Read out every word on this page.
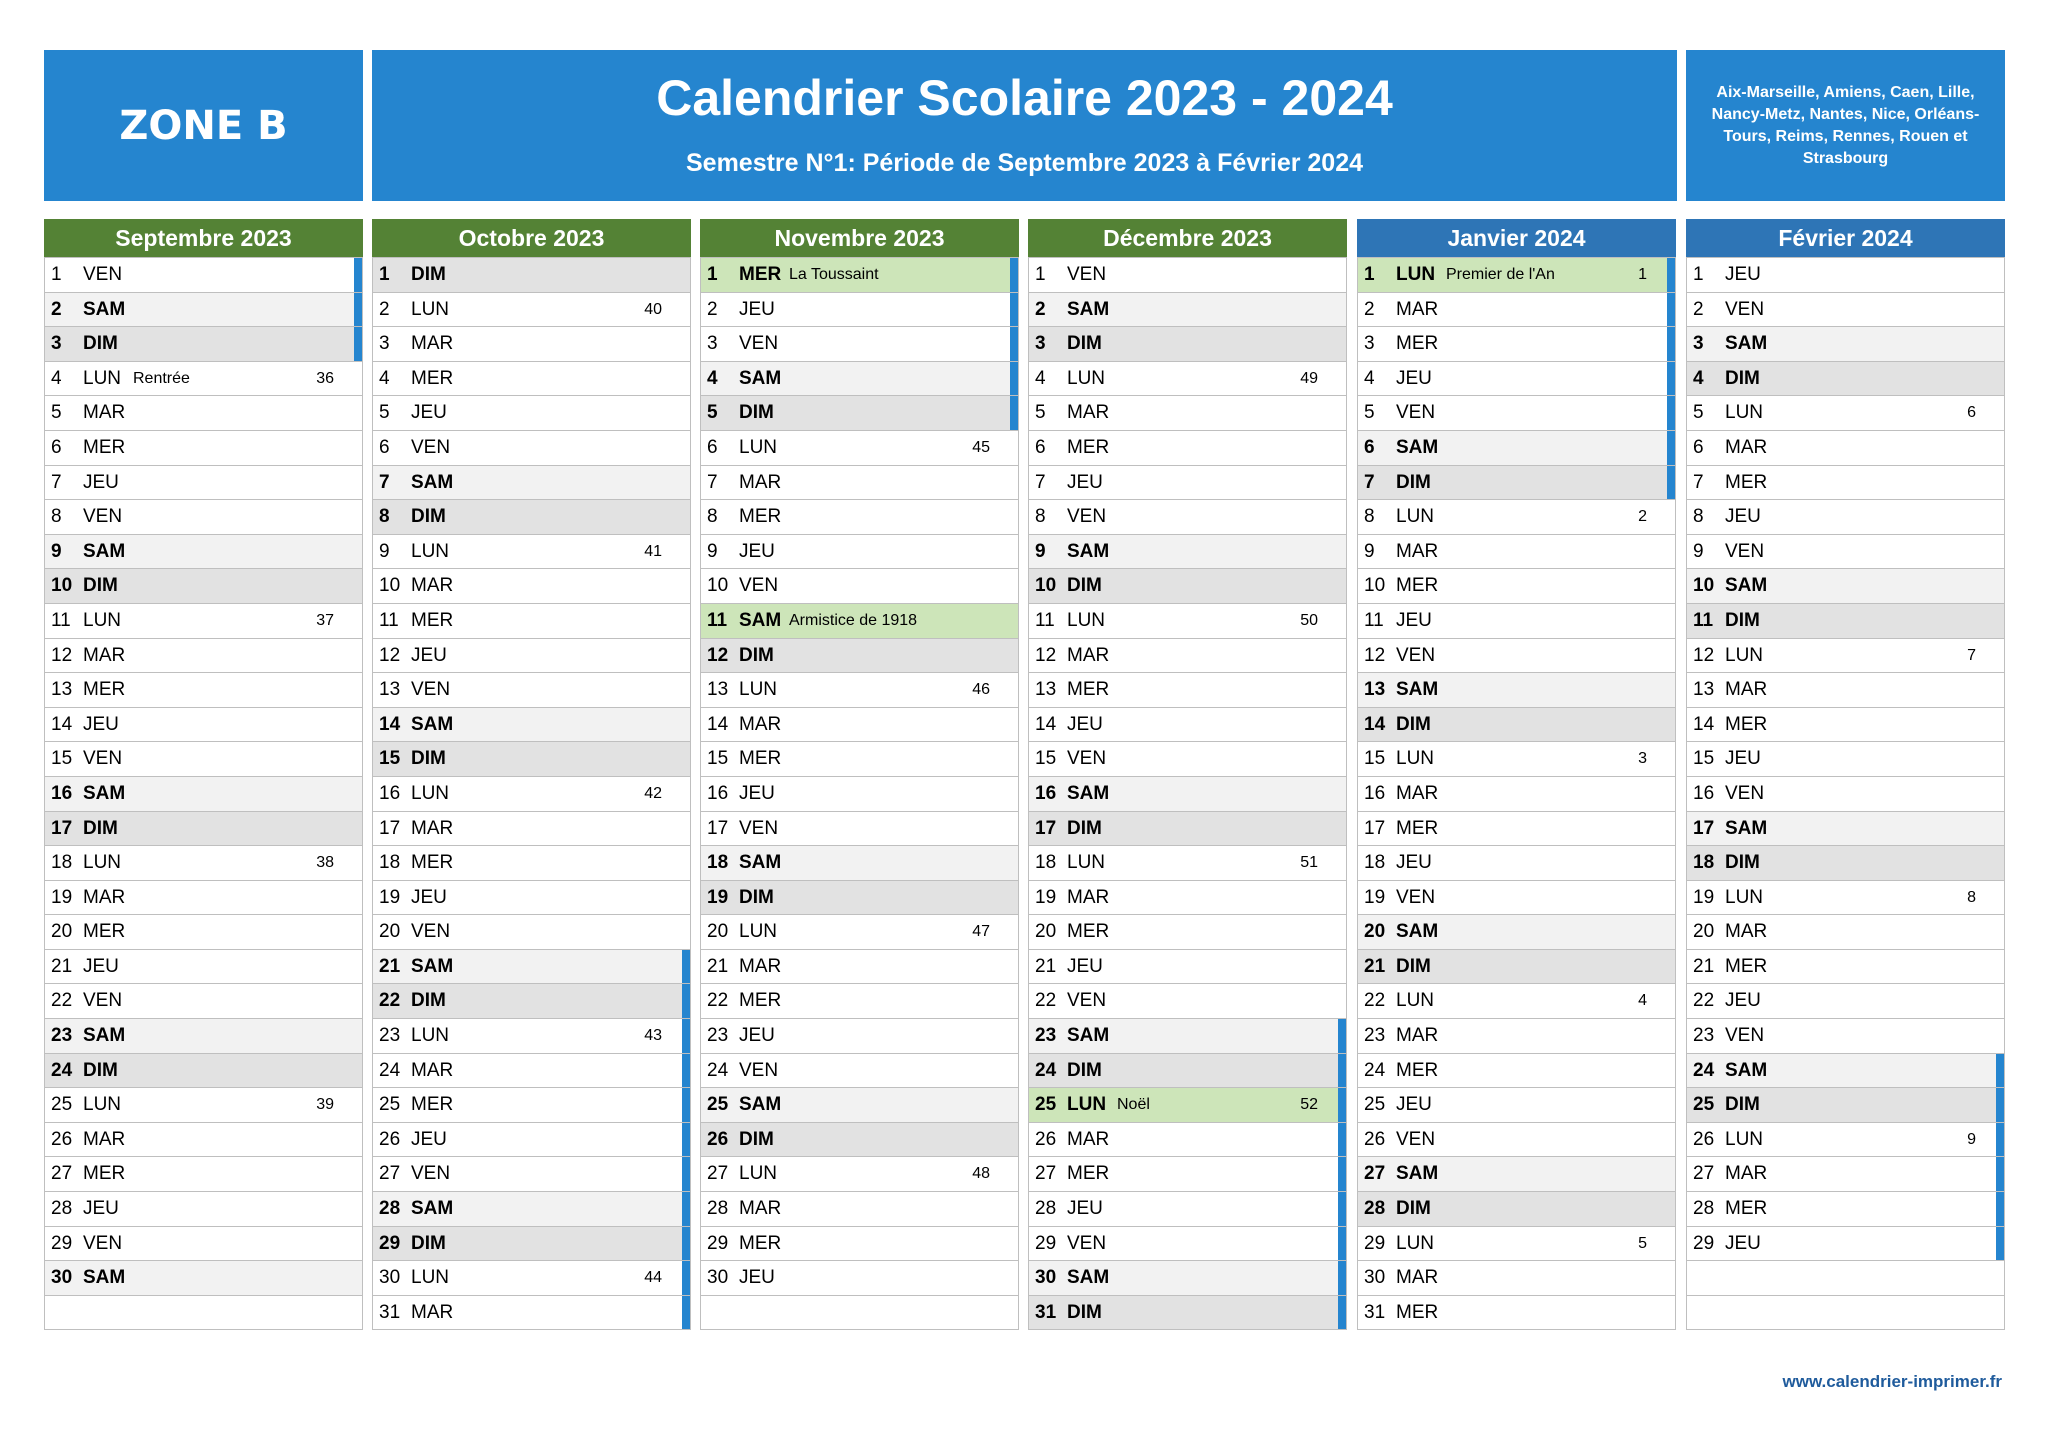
ZONE B	Calendrier Scolaire 2023 - 2024
Semestre N°1: Période de Septembre 2023 à Février 2024
Aix-Marseille, Amiens, Caen, Lille, Nancy-Metz, Nantes, Nice, Orléans-Tours, Reims, Rennes, Rouen et Strasbourg
Septembre 2023
1 VEN
2 SAM
3 DIM
4 LUN Rentrée	36
5 MAR
6 MER
7 JEU
8 VEN
9 SAM
10 DIM
11 LUN	37
12 MAR
13 MER
14 JEU
15 VEN
16 SAM
17 DIM
18 LUN	38
19 MAR
20 MER
21 JEU
22 VEN
23 SAM
24 DIM
25 LUN	39
26 MAR
27 MER
28 JEU
29 VEN
30 SAM
Octobre 2023
1 DIM
2 LUN	40
3 MAR
4 MER
5 JEU
6 VEN
7 SAM
8 DIM
9 LUN	41
10 MAR
11 MER
12 JEU
13 VEN
14 SAM
15 DIM
16 LUN	42
17 MAR
18 MER
19 JEU
20 VEN
21 SAM
22 DIM
23 LUN	43
24 MAR
25 MER
26 JEU
27 VEN
28 SAM
29 DIM
30 LUN	44
31 MAR
Novembre 2023
1 MER La Toussaint
2 JEU
3 VEN
4 SAM
5 DIM
6 LUN	45
7 MAR
8 MER
9 JEU
10 VEN
11 SAM Armistice de 1918
12 DIM
13 LUN	46
14 MAR
15 MER
16 JEU
17 VEN
18 SAM
19 DIM
20 LUN	47
21 MAR
22 MER
23 JEU
24 VEN
25 SAM
26 DIM
27 LUN	48
28 MAR
29 MER
30 JEU
Décembre 2023
1 VEN
2 SAM
3 DIM
4 LUN	49
5 MAR
6 MER
7 JEU
8 VEN
9 SAM
10 DIM
11 LUN	50
12 MAR
13 MER
14 JEU
15 VEN
16 SAM
17 DIM
18 LUN	51
19 MAR
20 MER
21 JEU
22 VEN
23 SAM
24 DIM
25 LUN Noël	52
26 MAR
27 MER
28 JEU
29 VEN
30 SAM
31 DIM
Janvier 2024
1 LUN Premier de l'An	1
2 MAR
3 MER
4 JEU
5 VEN
6 SAM
7 DIM
8 LUN	2
9 MAR
10 MER
11 JEU
12 VEN
13 SAM
14 DIM
15 LUN	3
16 MAR
17 MER
18 JEU
19 VEN
20 SAM
21 DIM
22 LUN	4
23 MAR
24 MER
25 JEU
26 VEN
27 SAM
28 DIM
29 LUN	5
30 MAR
31 MER
Février 2024
1 JEU
2 VEN
3 SAM
4 DIM
5 LUN	6
6 MAR
7 MER
8 JEU
9 VEN
10 SAM
11 DIM
12 LUN	7
13 MAR
14 MER
15 JEU
16 VEN
17 SAM
18 DIM
19 LUN	8
20 MAR
21 MER
22 JEU
23 VEN
24 SAM
25 DIM
26 LUN	9
27 MAR
28 MER
29 JEU
www.calendrier-imprimer.fr
